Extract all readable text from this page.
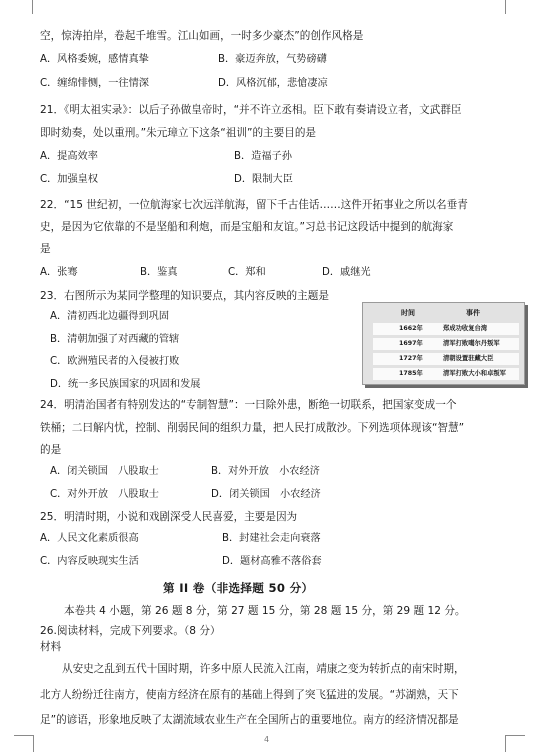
空，惊涛拍岸，卷起千堆雪。江山如画，一时多少豪杰”的创作风格是
A．风格委婉，感情真挚	B．豪迈奔放，气势磅礴
C．缠绵悱恻，一往情深	D．风格沉郁，悲愴凄凉
21．《明太祖实录》：以后子孙做皇帝时，“并不许立丞相。臣下敢有奏请设立者，文武群臣
即时劾奏，处以重刑。”朱元璋立下这条“祖训”的主要目的是
A．提高效率	B．造福子孙
C．加强皇权	D．限制大臣
22．“15 世纪初，一位航海家七次远洋航海，留下千古佳话……这件开拓事业之所以名垂青
史，是因为它依靠的不是坚船和利炮，而是宝船和友谊。”习总书记这段话中提到的航海家
是
A．张骞	B．鉴真	C．郑和	D．戚继光
23．右图所示为某同学整理的知识要点，其内容反映的主题是
A．清初西北边疆得到巩固
B．清朝加强了对西藏的管辖
C．欧洲殖民者的入侵被打败
D．统一多民族国家的巩固和发展
时间	事件
1662年	郑成功收复台湾
1697年	清军打败噶尔丹叛军
1727年	清朝设置驻藏大臣
1785年	清军打败大小和卓叛军
24．明清治国者有特别发达的“专制智慧”：一曰除外患，断绝一切联系，把国家变成一个
铁桶；二曰解内忧，控制、削弱民间的组织力量，把人民打成散沙。下列选项体现该“智慧”
的是
A．闭关锁国　八股取士	B．对外开放　小农经济
C．对外开放　八股取士	D．闭关锁国　小农经济
25．明清时期，小说和戏剧深受人民喜爱，主要是因为
A．人民文化素质很高	B．封建社会走向衰落
C．内容反映现实生活	D．题材高雅不落俗套
第 II 卷（非选择题 50 分）
本卷共 4 小题，第 26 题 8 分，第 27 题 15 分，第 28 题 15 分，第 29 题 12 分。
26.阅读材料，完成下列要求。（8 分）
材料
从安史之乱到五代十国时期，许多中原人民流入江南，靖康之变为转折点的南宋时期，
北方人纷纷迁往南方，使南方经济在原有的基础上得到了突飞猛进的发展。“苏湖熟，天下
足”的谚语，形象地反映了太湖流域农业生产在全国所占的重要地位。南方的经济情况都是
4
